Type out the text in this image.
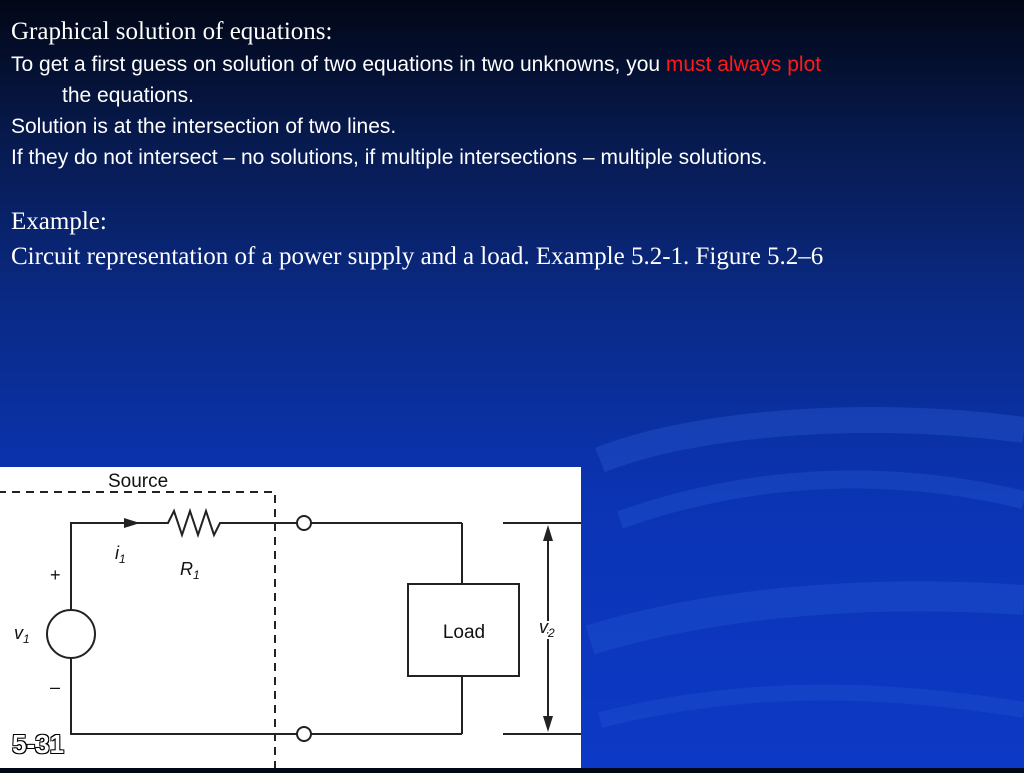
Graphical solution of equations:
To get a first guess on solution of two equations in two unknowns, you must always plot
the equations.
Solution is at the intersection of two lines.
If they do not intersect – no solutions, if multiple intersections – multiple solutions.
Example:
Circuit representation of a power supply and a load. Example 5.2-1. Figure 5.2–6
Source
$i_1$	$R_1$
+
$v_1$
–
Load	$v_2$
5-31
